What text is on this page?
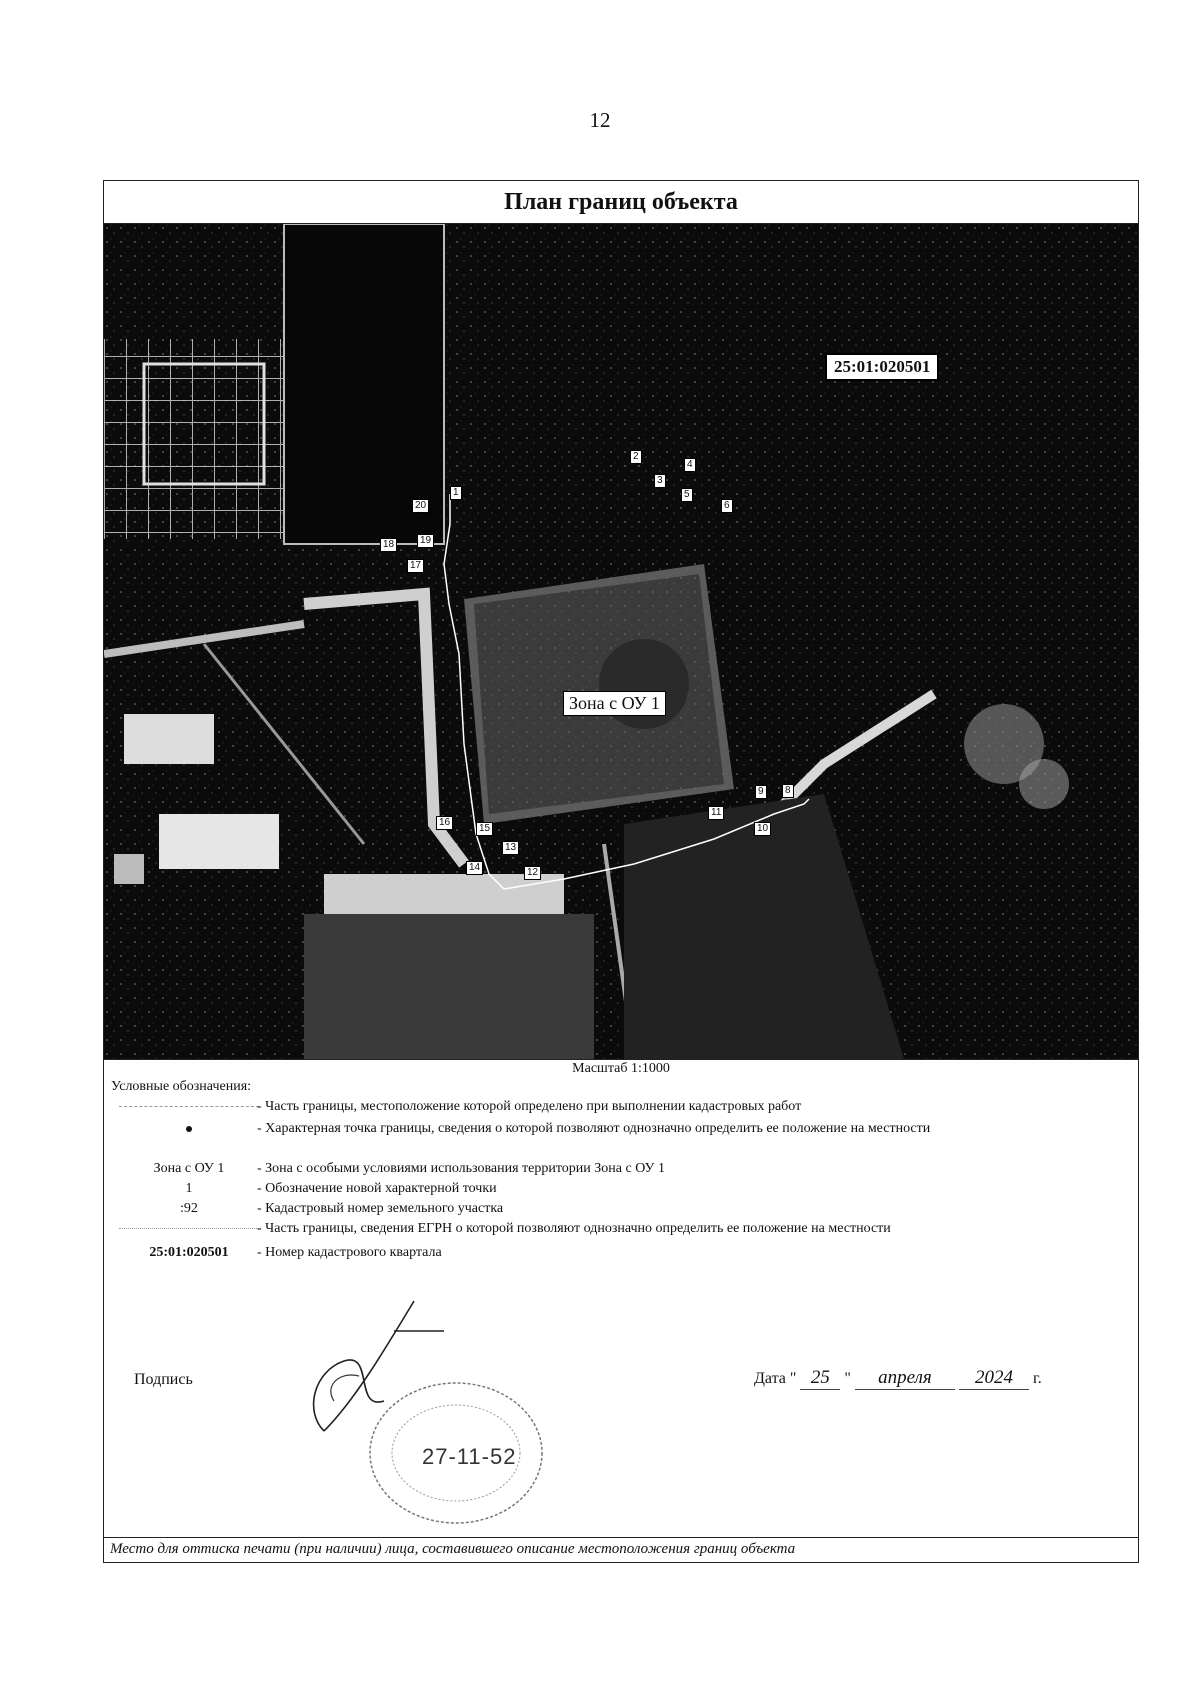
12
План границ объекта
25:01:020501
Зона с ОУ 1
1
2
3
4
5
6
8
9
10
11
12
13
14
15
16
17
18	19
20
Масштаб 1:1000
Условные обозначения:
- Часть границы, местоположение которой определено при выполнении кадастровых работ
- Характерная точка границы, сведения о которой позволяют однозначно определить ее положение на местности
Зона с ОУ 1	- Зона с особыми условиями использования территории Зона с ОУ 1
1	- Обозначение новой характерной точки
:92	- Кадастровый номер земельного участка
- Часть границы, сведения ЕГРН о которой позволяют однозначно определить ее положение на местности
25:01:020501	- Номер кадастрового квартала
Подпись
27-11-52
Дата " 25 " апреля 2024 г.
Место для оттиска печати (при наличии) лица, составившего описание местоположения границ объекта
